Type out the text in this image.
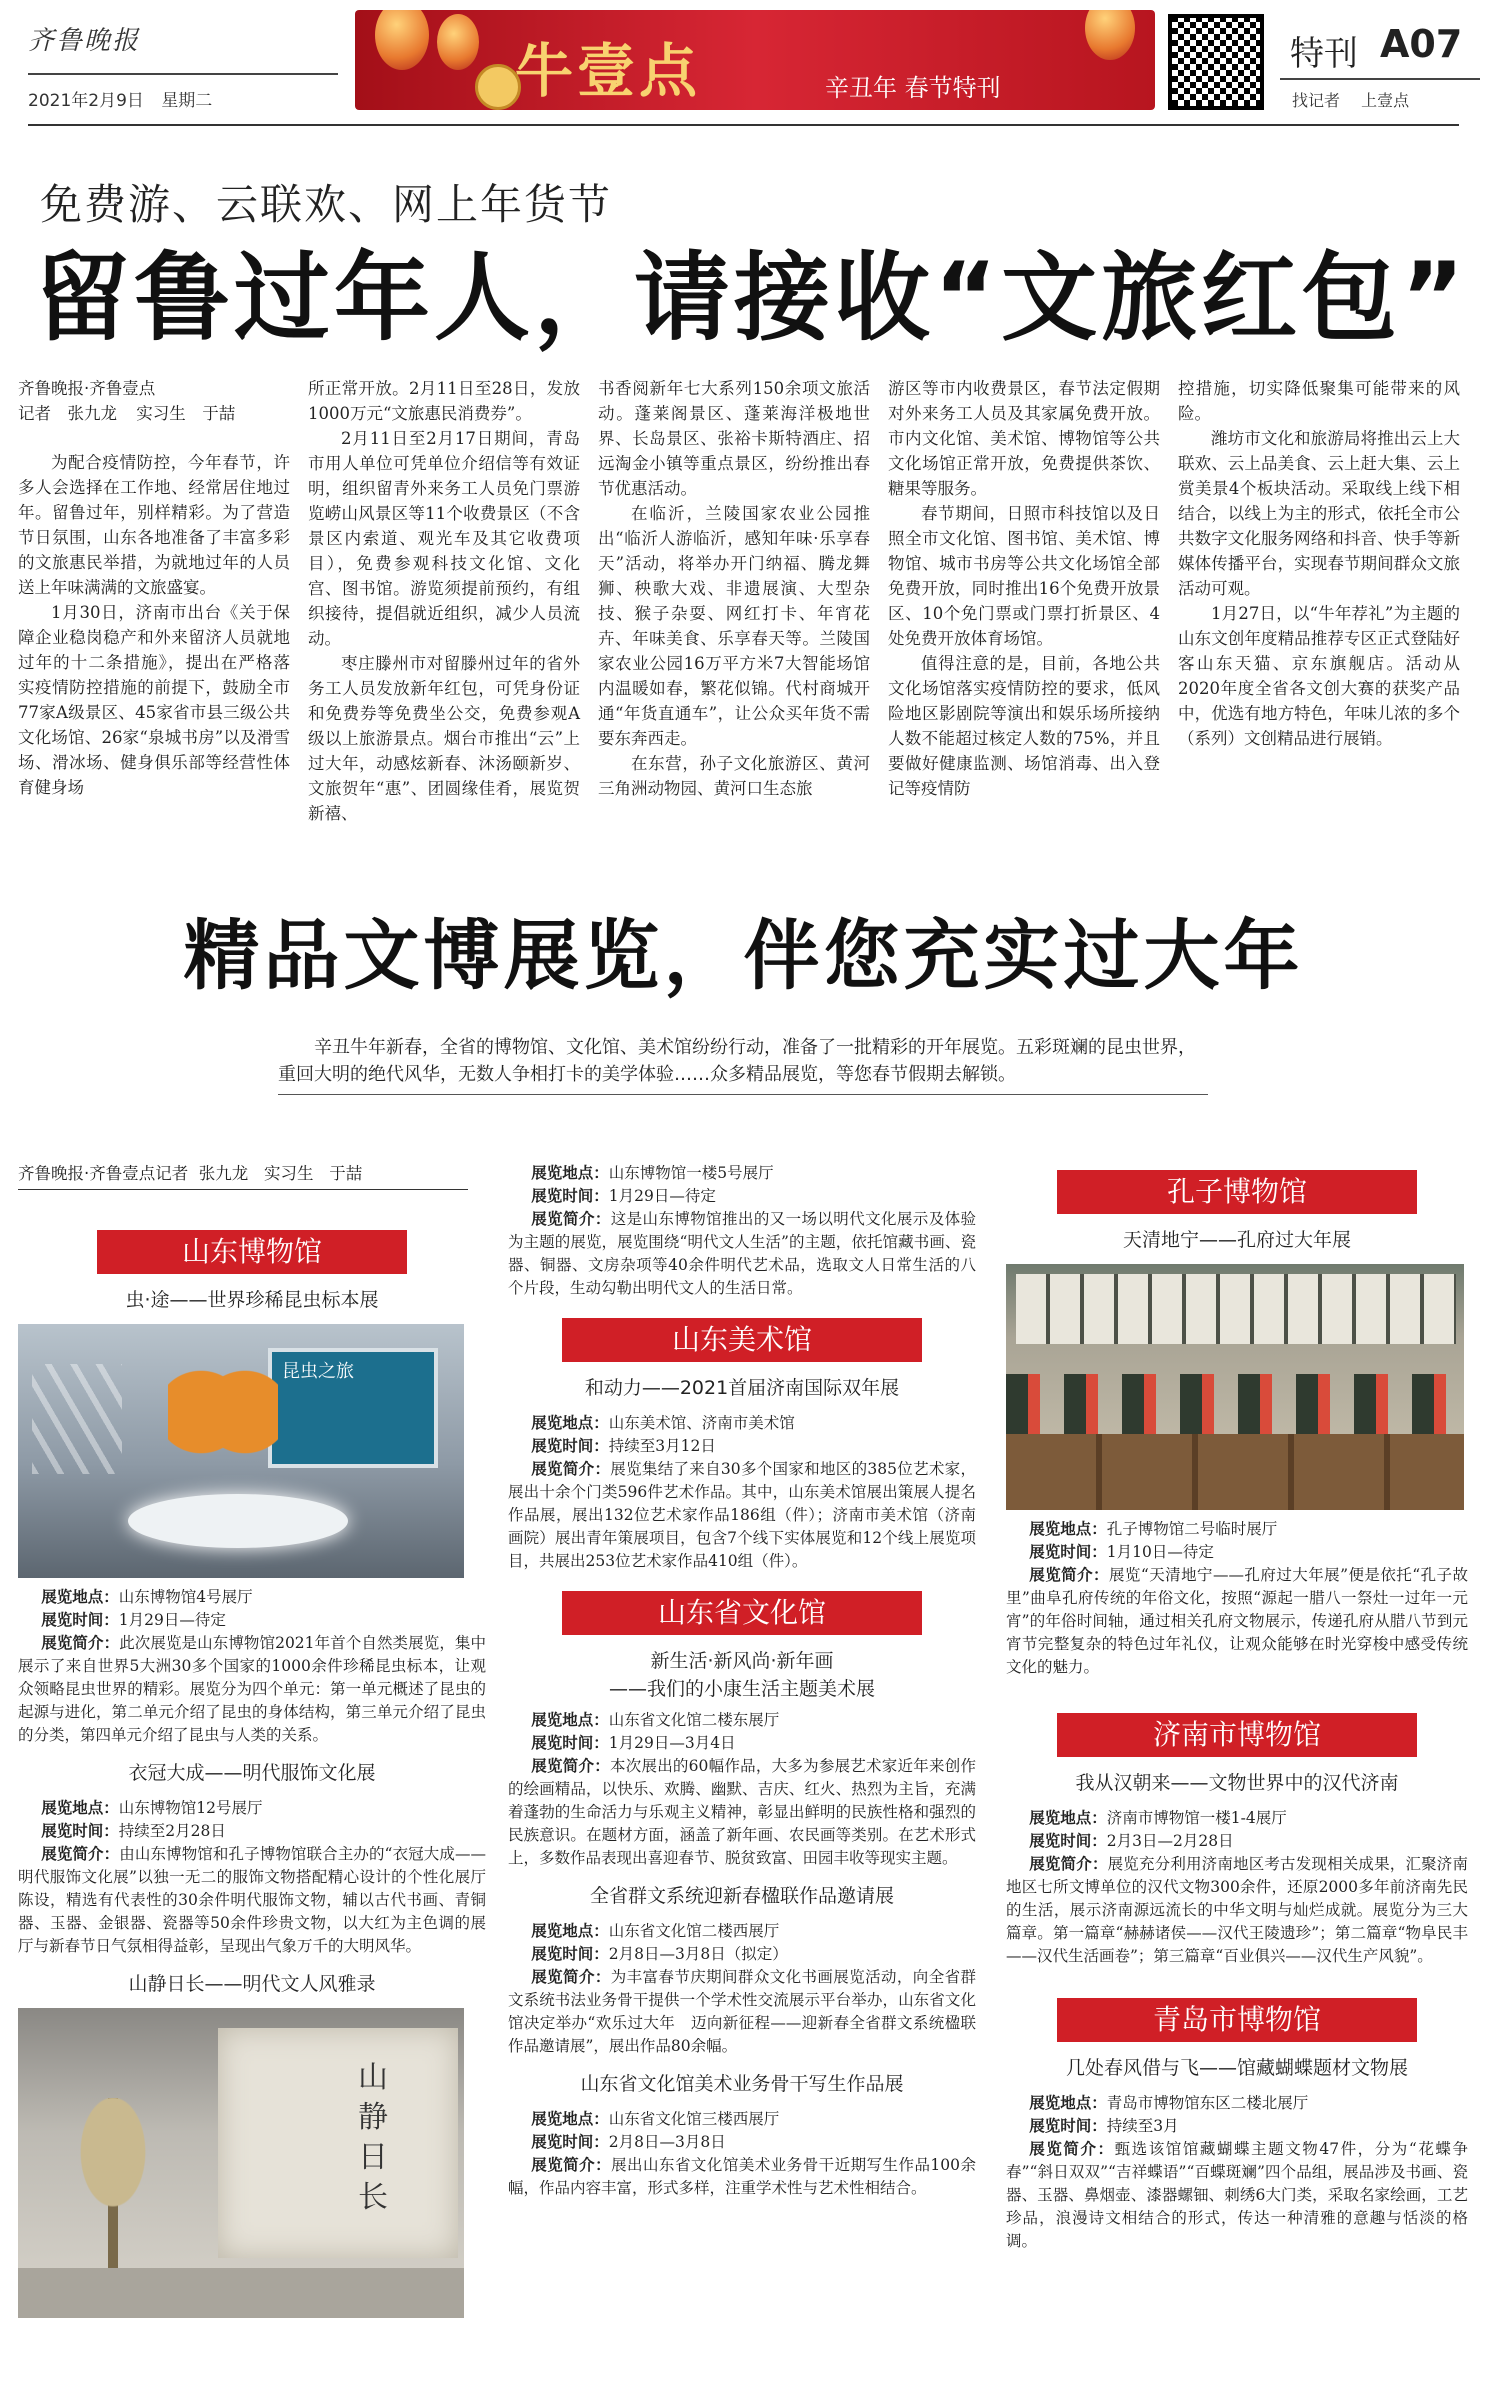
齐鲁晚报
2021年2月9日 星期二	牛壹点	辛丑年 春节特刊
特刊 A07
找记者 上壹点
免费游、云联欢、网上年货节
留鲁过年人，请接收“文旅红包”
齐鲁晚报·齐鲁壹点
记者　张九龙 实习生　于喆

为配合疫情防控，今年春节，许多人会选择在工作地、经常居住地过年。留鲁过年，别样精彩。为了营造节日氛围，山东各地准备了丰富多彩的文旅惠民举措，为就地过年的人员送上年味满满的文旅盛宴。

1月30日，济南市出台《关于保障企业稳岗稳产和外来留济人员就地过年的十二条措施》，提出在严格落实疫情防控措施的前提下，鼓励全市77家A级景区、45家省市县三级公共文化场馆、26家“泉城书房”以及滑雪场、滑冰场、健身俱乐部等经营性体育健身场

所正常开放。2月11日至28日，发放1000万元“文旅惠民消费券”。

2月11日至2月17日期间，青岛市用人单位可凭单位介绍信等有效证明，组织留青外来务工人员免门票游览崂山风景区等11个收费景区（不含景区内索道、观光车及其它收费项目），免费参观科技文化馆、文化宫、图书馆。游览须提前预约，有组织接待，提倡就近组织，减少人员流动。

枣庄滕州市对留滕州过年的省外务工人员发放新年红包，可凭身份证和免费券等免费坐公交，免费参观A级以上旅游景点。烟台市推出“云”上过大年，动感炫新春、沐汤颐新岁、文旅贺年“惠”、团圆缘佳肴，展览贺新禧、

书香阅新年七大系列150余项文旅活动。蓬莱阁景区、蓬莱海洋极地世界、长岛景区、张裕卡斯特酒庄、招远淘金小镇等重点景区，纷纷推出春节优惠活动。

在临沂，兰陵国家农业公园推出“临沂人游临沂，感知年味·乐享春天”活动，将举办开门纳福、腾龙舞狮、秧歌大戏、非遗展演、大型杂技、猴子杂耍、网红打卡、年宵花卉、年味美食、乐享春天等。兰陵国家农业公园16万平方米7大智能场馆内温暖如春，繁花似锦。代村商城开通“年货直通车”，让公众买年货不需要东奔西走。

在东营，孙子文化旅游区、黄河三角洲动物园、黄河口生态旅

游区等市内收费景区，春节法定假期对外来务工人员及其家属免费开放。市内文化馆、美术馆、博物馆等公共文化场馆正常开放，免费提供茶饮、糖果等服务。

春节期间，日照市科技馆以及日照全市文化馆、图书馆、美术馆、博物馆、城市书房等公共文化场馆全部免费开放，同时推出16个免费开放景区、10个免门票或门票打折景区、4处免费开放体育场馆。

值得注意的是，目前，各地公共文化场馆落实疫情防控的要求，低风险地区影剧院等演出和娱乐场所接纳人数不能超过核定人数的75%，并且要做好健康监测、场馆消毒、出入登记等疫情防

控措施，切实降低聚集可能带来的风险。

潍坊市文化和旅游局将推出云上大联欢、云上品美食、云上赶大集、云上赏美景4个板块活动。采取线上线下相结合，以线上为主的形式，依托全市公共数字文化服务网络和抖音、快手等新媒体传播平台，实现春节期间群众文旅活动可观。

1月27日，以“牛年荐礼”为主题的山东文创年度精品推荐专区正式登陆好客山东天猫、京东旗舰店。活动从2020年度全省各文创大赛的获奖产品中，优选有地方特色，年味儿浓的多个（系列）文创精品进行展销。

精品文博展览，伴您充实过大年
辛丑牛年新春，全省的博物馆、文化馆、美术馆纷纷行动，准备了一批精彩的开年展览。五彩斑斓的昆虫世界，重回大明的绝代风华，无数人争相打卡的美学体验……众多精品展览，等您春节假期去解锁。
齐鲁晚报·齐鲁壹点记者 张九龙 实习生 于喆
山东博物馆
虫·途——世界珍稀昆虫标本展
昆虫之旅
展览地点：山东博物馆4号展厅
展览时间：1月29日—待定
展览简介：此次展览是山东博物馆2021年首个自然类展览，集中展示了来自世界5大洲30多个国家的1000余件珍稀昆虫标本，让观众领略昆虫世界的精彩。展览分为四个单元：第一单元概述了昆虫的起源与进化，第二单元介绍了昆虫的身体结构，第三单元介绍了昆虫的分类，第四单元介绍了昆虫与人类的关系。
衣冠大成——明代服饰文化展
展览地点：山东博物馆12号展厅
展览时间：持续至2月28日
展览简介：由山东博物馆和孔子博物馆联合主办的“衣冠大成——明代服饰文化展”以独一无二的服饰文物搭配精心设计的个性化展厅陈设，精选有代表性的30余件明代服饰文物，辅以古代书画、青铜器、玉器、金银器、瓷器等50余件珍贵文物，以大红为主色调的展厅与新春节日气氛相得益彰，呈现出气象万千的大明风华。
山静日长——明代文人风雅录
山静日长
展览地点：山东博物馆一楼5号展厅
展览时间：1月29日—待定
展览简介：这是山东博物馆推出的又一场以明代文化展示及体验为主题的展览，展览围绕“明代文人生活”的主题，依托馆藏书画、瓷器、铜器、文房杂项等40余件明代艺术品，选取文人日常生活的八个片段，生动勾勒出明代文人的生活日常。
山东美术馆
和动力——2021首届济南国际双年展
展览地点：山东美术馆、济南市美术馆
展览时间：持续至3月12日
展览简介：展览集结了来自30多个国家和地区的385位艺术家，展出十余个门类596件艺术作品。其中，山东美术馆展出策展人提名作品展，展出132位艺术家作品186组（件）；济南市美术馆（济南画院）展出青年策展项目，包含7个线下实体展览和12个线上展览项目，共展出253位艺术家作品410组（件）。
山东省文化馆
新生活·新风尚·新年画
——我们的小康生活主题美术展
展览地点：山东省文化馆二楼东展厅
展览时间：1月29日—3月4日
展览简介：本次展出的60幅作品，大多为参展艺术家近年来创作的绘画精品，以快乐、欢腾、幽默、吉庆、红火、热烈为主旨，充满着蓬勃的生命活力与乐观主义精神，彰显出鲜明的民族性格和强烈的民族意识。在题材方面，涵盖了新年画、农民画等类别。在艺术形式上，多数作品表现出喜迎春节、脱贫致富、田园丰收等现实主题。
全省群文系统迎新春楹联作品邀请展
展览地点：山东省文化馆二楼西展厅
展览时间：2月8日—3月8日（拟定）
展览简介：为丰富春节庆期间群众文化书画展览活动，向全省群文系统书法业务骨干提供一个学术性交流展示平台举办，山东省文化馆决定举办“欢乐过大年　迈向新征程——迎新春全省群文系统楹联作品邀请展”，展出作品80余幅。
山东省文化馆美术业务骨干写生作品展
展览地点：山东省文化馆三楼西展厅
展览时间：2月8日—3月8日
展览简介：展出山东省文化馆美术业务骨干近期写生作品100余幅，作品内容丰富，形式多样，注重学术性与艺术性相结合。
孔子博物馆
天清地宁——孔府过大年展
展览地点：孔子博物馆二号临时展厅
展览时间：1月10日—待定
展览简介：展览“天清地宁——孔府过大年展”便是依托“孔子故里”曲阜孔府传统的年俗文化，按照“源起一腊八一祭灶一过年一元宵”的年俗时间轴，通过相关孔府文物展示，传递孔府从腊八节到元宵节完整复杂的特色过年礼仪，让观众能够在时光穿梭中感受传统文化的魅力。
济南市博物馆
我从汉朝来——文物世界中的汉代济南
展览地点：济南市博物馆一楼1-4展厅
展览时间：2月3日—2月28日
展览简介：展览充分利用济南地区考古发现相关成果，汇聚济南地区七所文博单位的汉代文物300余件，还原2000多年前济南先民的生活，展示济南源远流长的中华文明与灿烂成就。展览分为三大篇章。第一篇章“赫赫诸侯——汉代王陵遗珍”；第二篇章“物阜民丰——汉代生活画卷”；第三篇章“百业俱兴——汉代生产风貌”。
青岛市博物馆
几处春风借与飞——馆藏蝴蝶题材文物展
展览地点：青岛市博物馆东区二楼北展厅
展览时间：持续至3月
展览简介：甄选该馆馆藏蝴蝶主题文物47件，分为“花蝶争春”“斜日双双”“吉祥蝶语”“百蝶斑斓”四个品组，展品涉及书画、瓷器、玉器、鼻烟壶、漆器螺钿、刺绣6大门类，采取名家绘画，工艺珍品，浪漫诗文相结合的形式，传达一种清雅的意趣与恬淡的格调。
